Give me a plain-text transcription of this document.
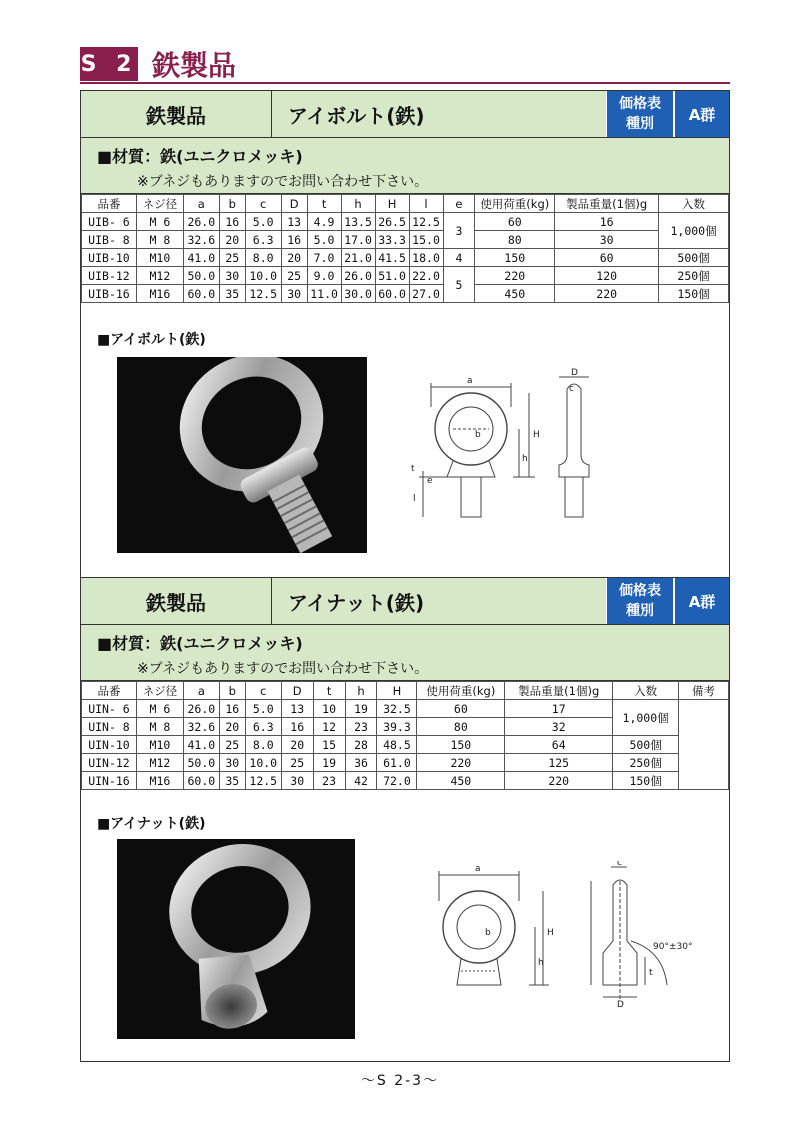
S 2 鉄製品
鉄製品	アイボルト(鉄)	価格表
種別
A群
■材質：鉄(ユニクロメッキ)
※ブネジもありますのでお問い合わせ下さい。
品番	ネジ径	a	b	c	D	t	h	H	l	e	使用荷重(kg)	製品重量(1個)g	入数
UIB- 6	M 6	26.0	16	5.0	13	4.9	13.5	26.5	12.5	3	60	16	1,000個
UIB- 8	M 8	32.6	20	6.3	16	5.0	17.0	33.3	15.0		80	30	
UIB-10	M10	41.0	25	8.0	20	7.0	21.0	41.5	18.0	4	150	60	500個
UIB-12	M12	50.0	30	10.0	25	9.0	26.0	51.0	22.0	5	220	120	250個
UIB-16	M16	60.0	35	12.5	30	11.0	30.0	60.0	27.0		450	220	150個
■アイボルト(鉄)
a
b	H
h
t
e
l
D
c
鉄製品	アイナット(鉄)	価格表
種別
A群
■材質：鉄(ユニクロメッキ)
※ブネジもありますのでお問い合わせ下さい。
品番	ネジ径	a	b	c	D	t	h	H	使用荷重(kg)	製品重量(1個)g	入数	備考
UIN- 6	M 6	26.0	16	5.0	13	10	19	32.5	60	17	1,000個	
UIN- 8	M 8	32.6	20	6.3	16	12	23	39.3	80	32		
UIN-10	M10	41.0	25	8.0	20	15	28	48.5	150	64	500個	
UIN-12	M12	50.0	30	10.0	25	19	36	61.0	220	125	250個	
UIN-16	M16	60.0	35	12.5	30	23	42	72.0	450	220	150個	
■アイナット(鉄)
a
b	H
h
c
D
t
90°±30°
～S 2-3～
